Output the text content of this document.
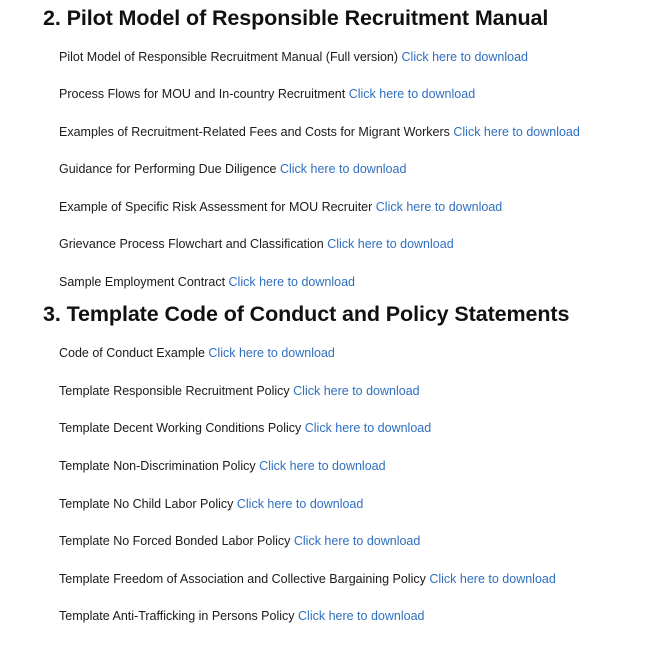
2. Pilot Model of Responsible Recruitment Manual
Pilot Model of Responsible Recruitment Manual (Full version) Click here to download
Process Flows for MOU and In-country Recruitment Click here to download
Examples of Recruitment-Related Fees and Costs for Migrant Workers Click here to download
Guidance for Performing Due Diligence Click here to download
Example of Specific Risk Assessment for MOU Recruiter Click here to download
Grievance Process Flowchart and Classification Click here to download
Sample Employment Contract Click here to download
3. Template Code of Conduct and Policy Statements
Code of Conduct Example Click here to download
Template Responsible Recruitment Policy Click here to download
Template Decent Working Conditions Policy Click here to download
Template Non-Discrimination Policy Click here to download
Template No Child Labor Policy Click here to download
Template No Forced Bonded Labor Policy Click here to download
Template Freedom of Association and Collective Bargaining Policy Click here to download
Template Anti-Trafficking in Persons Policy Click here to download
